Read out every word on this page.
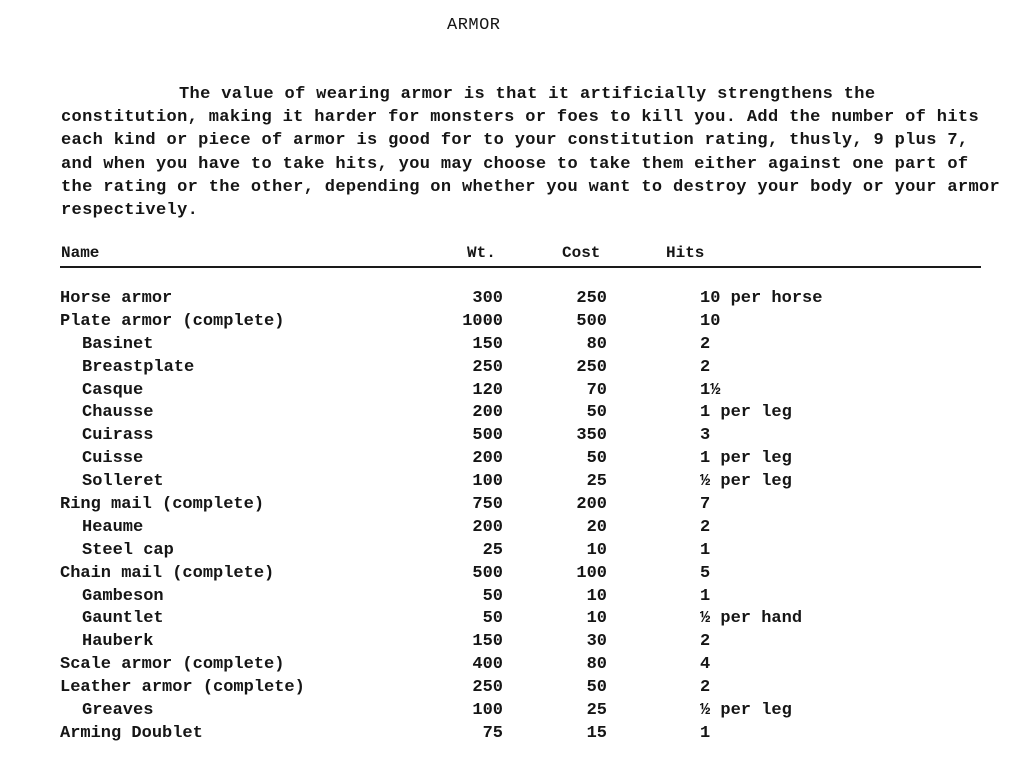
ARMOR

The value of wearing armor is that it artificially strengthens the constitution, making it harder for monsters or foes to kill you. Add the number of hits each kind or piece of armor is good for to your constitution rating, thusly, 9 plus 7, and when you have to take hits, you may choose to take them either against one part of the rating or the other, depending on whether you want to destroy your body or your armor respectively.

Name	Wt.	Cost	Hits
Horse armor	300	250	10 per horse
Plate armor (complete)	1000	500	10
Basinet	150	80	2
Breastplate	250	250	2
Casque	120	70	1½
Chausse	200	50	1 per leg
Cuirass	500	350	3
Cuisse	200	50	1 per leg
Solleret	100	25	½ per leg
Ring mail (complete)	750	200	7
Heaume	200	20	2
Steel cap	25	10	1
Chain mail (complete)	500	100	5
Gambeson	50	10	1
Gauntlet	50	10	½ per hand
Hauberk	150	30	2
Scale armor (complete)	400	80	4
Leather armor (complete)	250	50	2
Greaves	100	25	½ per leg
Arming Doublet	75	15	1
